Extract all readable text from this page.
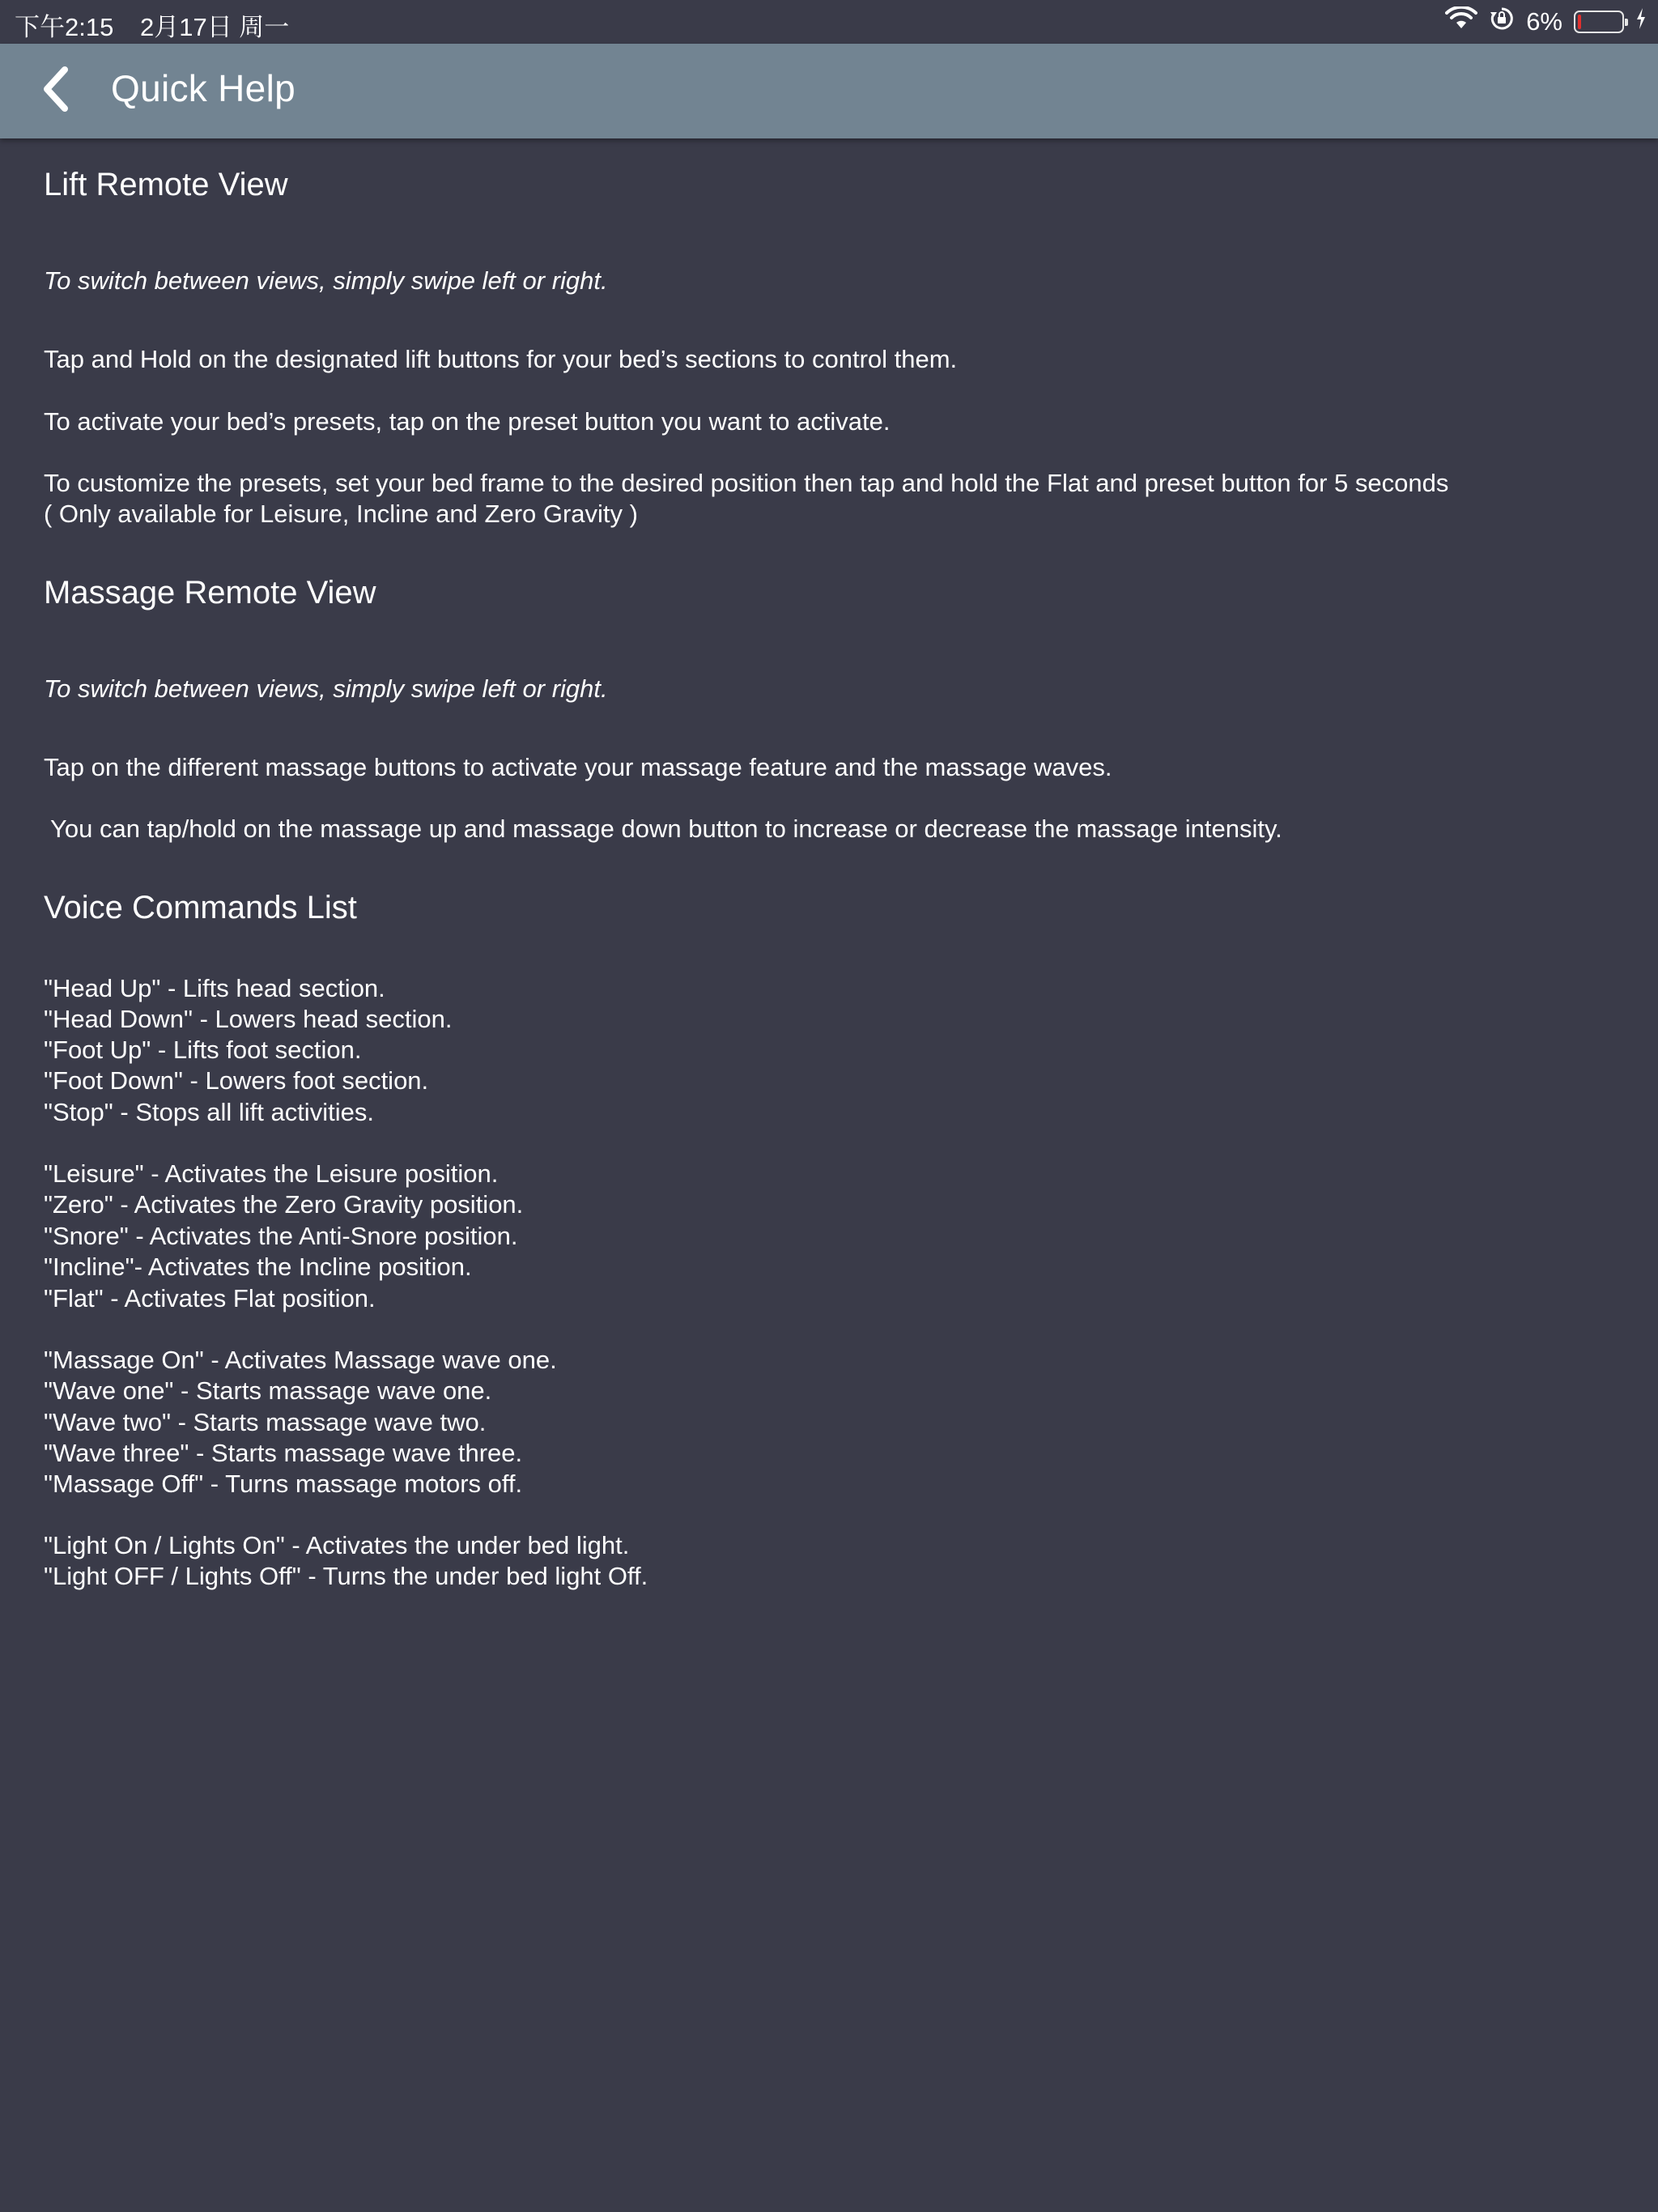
下午2:15 2月17日 周一	6%
Quick Help
Lift Remote View
To switch between views, simply swipe left or right.
Tap and Hold on the designated lift buttons for your bed’s sections to control them.
To activate your bed’s presets, tap on the preset button you want to activate.
To customize the presets, set your bed frame to the desired position then tap and hold the Flat and preset button for 5 seconds
( Only available for Leisure, Incline and Zero Gravity )
Massage Remote View
To switch between views, simply swipe left or right.
Tap on the different massage buttons to activate your massage feature and the massage waves.
You can tap/hold on the massage up and massage down button to increase or decrease the massage intensity.
Voice Commands List
"Head Up" - Lifts head section.
"Head Down" - Lowers head section.
"Foot Up" - Lifts foot section.
"Foot Down" - Lowers foot section.
"Stop" - Stops all lift activities.
"Leisure" - Activates the Leisure position.
"Zero" - Activates the Zero Gravity position.
"Snore" - Activates the Anti-Snore position.
"Incline"- Activates the Incline position.
"Flat" - Activates Flat position.
"Massage On" - Activates Massage wave one.
"Wave one" - Starts massage wave one.
"Wave two" - Starts massage wave two.
"Wave three" - Starts massage wave three.
"Massage Off" - Turns massage motors off.
"Light On / Lights On" - Activates the under bed light.
"Light OFF / Lights Off" - Turns the under bed light Off.
